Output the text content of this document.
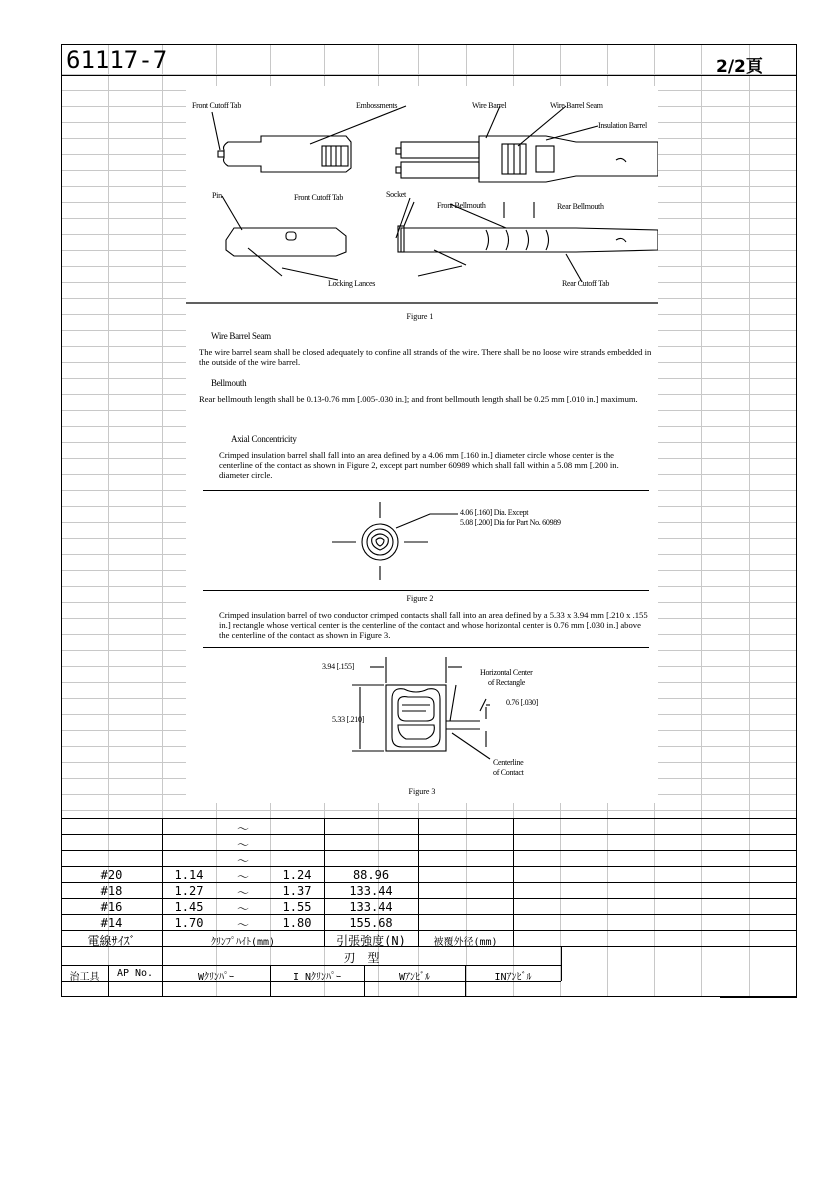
61117-7	2/2頁
Front Cutoff Tab	Embossments	Wire Barrel	Wire Barrel Seam
Insulation Barrel
Pin	Front Cutoff Tab	Socket
Front Bellmouth	Rear Bellmouth
Locking Lances	Rear Cutoff Tab
Figure 1
Wire Barrel Seam
The wire barrel seam shall be closed adequately to confine all strands of the wire. There shall be no loose wire strands embedded in the outside of the wire barrel.
Bellmouth
Rear bellmouth length shall be 0.13-0.76 mm [.005-.030 in.]; and front bellmouth length shall be 0.25 mm [.010 in.] maximum.
Axial Concentricity
Crimped insulation barrel shall fall into an area defined by a 4.06 mm [.160 in.] diameter circle whose center is the centerline of the contact as shown in Figure 2, except part number 60989 which shall fall within a 5.08 mm [.200 in. diameter circle.
4.06 [.160] Dia. Except
5.08 [.200] Dia for Part No. 60989
Figure 2
Crimped insulation barrel of two conductor crimped contacts shall fall into an area defined by a 5.33 x 3.94 mm [.210 x .155 in.] rectangle whose vertical center is the centerline of the contact and whose horizontal center is 0.76 mm [.030 in.] above the centerline of the contact as shown in Figure 3.
3.94 [.155]
5.33 [.210]
0.76 [.030]
Horizontal Center
of Rectangle
Centerline
of Contact
Figure 3
～
～
～
#20	1.14	～	1.24	88.96
#18	1.27	～	1.37	133.44
#16	1.45	～	1.55	133.44
#14	1.70	～	1.80	155.68
電線ｻｲｽﾞ	ｸﾘﾝﾌﾟﾊｲﾄ(mm)	引張強度(N)	被覆外径(mm)
刃　型
治工具	AP No.	Wｸﾘﾝﾊﾟｰ	I Nｸﾘﾝﾊﾟｰ	Wｱﾝﾋﾞﾙ	INｱﾝﾋﾞﾙ
